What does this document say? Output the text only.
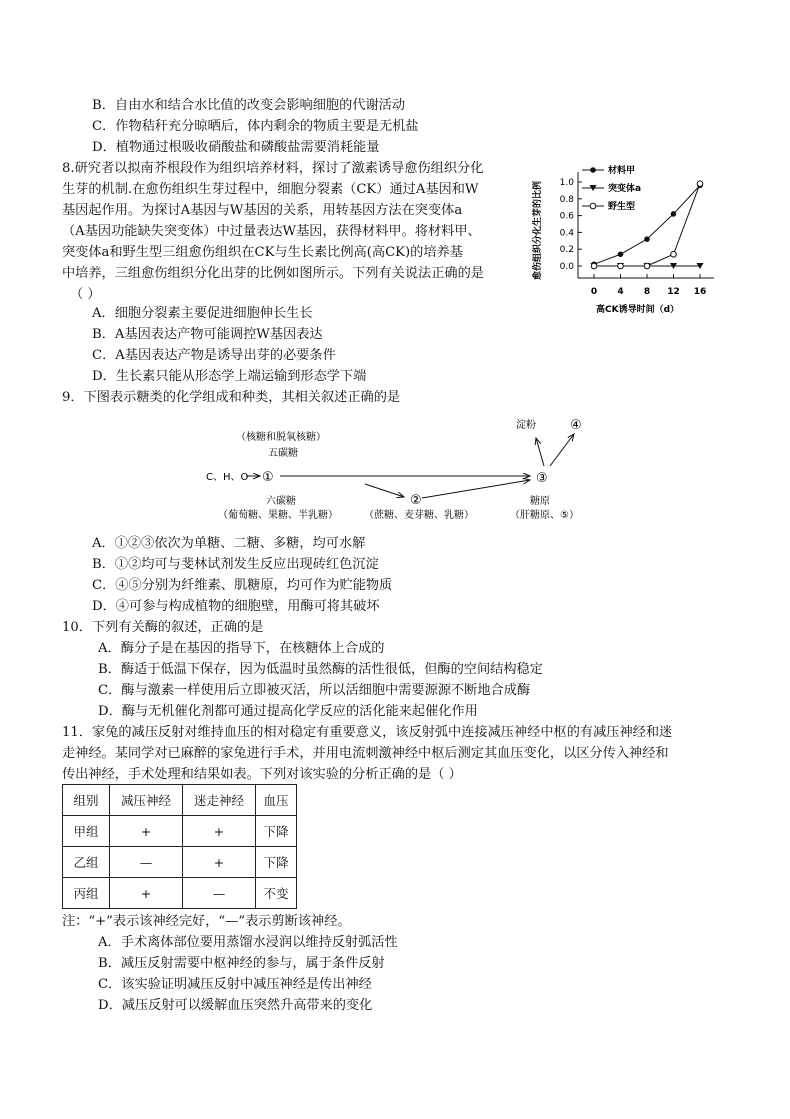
B．自由水和结合水比值的改变会影响细胞的代谢活动
C．作物秸秆充分晾晒后，体内剩余的物质主要是无机盐
D．植物通过根吸收硝酸盐和磷酸盐需要消耗能量
8.研究者以拟南芥根段作为组织培养材料，探讨了激素诱导愈伤组织分化
生芽的机制.在愈伤组织生芽过程中，细胞分裂素（CK）通过A基因和W
基因起作用。为探讨A基因与W基因的关系，用转基因方法在突变体a
（A基因功能缺失突变体）中过量表达W基因，获得材料甲。将材料甲、
突变体a和野生型三组愈伤组织在CK与生长素比例高(高CK)的培养基
中培养，三组愈伤组织分化出芽的比例如图所示。下列有关说法正确的是
（ ）
A．细胞分裂素主要促进细胞伸长生长
B．A基因表达产物可能调控W基因表达
C．A基因表达产物是诱导出芽的必要条件
D．生长素只能从形态学上端运输到形态学下端
愈伤组织分化生芽的比例 0.0
0.2
0.4
0.6
0.8
1.0
0 4 8 12 16
高CK诱导时间（d）
材料甲
突变体a
野生型
9．下图表示糖类的化学组成和种类，其相关叙述正确的是
（核糖和脱氧核糖）
五碳糖
C、H、O ①
六碳糖
（葡萄糖、果糖、半乳糖）
②
（蔗糖、麦芽糖、乳糖）
③
淀粉	④
糖原
（肝糖原、⑤）
A．①②③依次为单糖、二糖、多糖，均可水解
B．①②均可与斐林试剂发生反应出现砖红色沉淀
C．④⑤分别为纤维素、肌糖原，均可作为贮能物质
D．④可参与构成植物的细胞壁，用酶可将其破坏
10．下列有关酶的叙述，正确的是
A．酶分子是在基因的指导下，在核糖体上合成的
B．酶适于低温下保存，因为低温时虽然酶的活性很低，但酶的空间结构稳定
C．酶与激素一样使用后立即被灭活，所以活细胞中需要源源不断地合成酶
D．酶与无机催化剂都可通过提高化学反应的活化能来起催化作用
11．家兔的减压反射对维持血压的相对稳定有重要意义，该反射弧中连接减压神经中枢的有减压神经和迷
走神经。某同学对已麻醉的家兔进行手术，并用电流刺激神经中枢后测定其血压变化，以区分传入神经和
传出神经，手术处理和结果如表。下列对该实验的分析正确的是（ ）
组别	减压神经	迷走神经	血压
甲组	+	+	下降
乙组	—	+	下降
丙组	+	—	不变
注：“+”表示该神经完好，“—”表示剪断该神经。
A．手术离体部位要用蒸馏水浸润以维持反射弧活性
B．减压反射需要中枢神经的参与，属于条件反射
C．该实验证明减压反射中减压神经是传出神经
D．减压反射可以缓解血压突然升高带来的变化
